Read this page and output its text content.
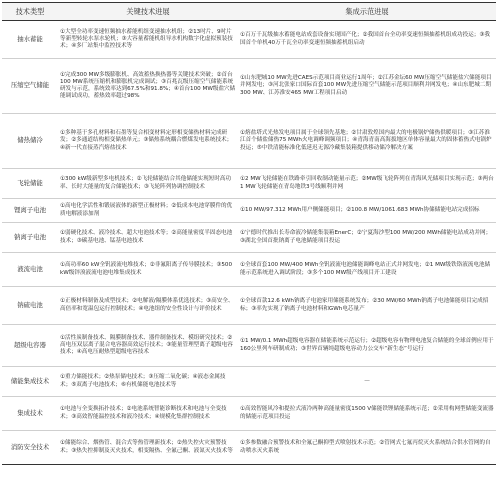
技术类型	关键技术进展	集成示范进展
抽水蓄能	①大型全功率变速恒频抽水蓄能机组变速抽水机组；②13吋片、9吋片等新型转轮水泵水轮机；③大容量蓄能机组导水机构数字化虚拟预装技术；④多厂站集中监控技术等	①百万千瓦级抽水蓄能电站成套设备实现国产化；②我国首台全功率变速恒频抽蓄机组成功投运；③我国首个单机40万千瓦全功率变速恒频抽蓄机组启动
压缩空气储能	①完成300 MW多级膨胀机、高效蓄热换热器等关键技术突破；②首台100 MW系统压缩机和膨胀机完成调试；③百兆瓦级压缩空气储能系统研发与示范，系统效率达到67.5%和91.8%；④首台100 MW级盐穴储能调试成功，蓄热效率超过98%	①山东肥城10 MW先进CAES示范项目商业运行1周年；②江苏金坛60 MW压缩空气储能盐穴储能项目并网发电；③河北张家口国际首套100 MW先进压缩空气储能示范项目顺利并网发电；④山东肥城二期300 MW、江苏淮安465 MW工程项目启动
储热储冷	①多种基于多孔材料和石墨等复合相变材料定形相变储热材料完成研发；②多通道结构相变储热单元；③储热系统耦合燃煤发电系统技术；④新一代直接蒸汽熔盐技术	①熔盐塔式光热发电项目属于全球领先基地；②甘肃敦煌国内最大的电极锅炉储热供暖项目；③江苏淮江首个储盐储热75 MWh火电调峰调频项目；④青海青南高海拔地区单体容量最大的固体蓄热式电锅炉投运；⑤中铁清能标准化低延迟无源冷藏集装箱提供移动储冷解决方案
飞轮储能	①300 kW级新型多电机技术；②飞轮储能结合其他储能实现短时高功率、长时大能量的复合储能技术；③飞轮阵列协调控制技术	①2 MW飞轮储能在铁路牵引回收制动能量示范；②MW级飞轮阵列在青海风光储项目实现示范；③两台1 MW飞轮储能在青岛地铁3号线顺利并网
锂离子电池	①高电化学活性和锻展液体的新型正极材料；②低成本电池穿膜件的优质电解液添加剂	①10 MW/97.312 MWh用户侧储能项目；②100.8 MW/1061.683 MWh协储储能电站完成招标
钠离子电池	①弱硬化技术、液冷技术、超大电池技术等；②高能量密度半固态电池技术；③碳基电池、锰基电池技术	①宁德时代推出长寿命液冷储能集装箱EnerC；②宁夏海沙型100 MW/200 MWh储能电站成功并网；③湖北全国首批钠离子电池储能项目投运
液流电池	①高功率60 kW全钒液流电堆技术；②非氟阳离子传导膜技术；③500 kW级锌溴液流电池电堆集成技术	①全球首套100 MW/400 MWh全钒液流电池储能调峰电站正式并网发电；②1 MW级铁铬液流电池储能示范系统进入调试阶段；③多个100 MW级产线项目开工建设
钠硫电池	①正极材料制备及成型技术；②电解液/隔膜体系优选技术；③高安全、高倍率和宽温包运行控制技术；④电池组的安全性设计与评价技术	①全球首款12.6 kWh钠离子电池家用储能系统发布；②30 MW/60 MWh钠离子电池储能项目完成招标；③率先实现了钠离子电池材料和GWh电芯量产
超级电容器	①活性炭制备技术、隔膜制备技术、器件制备技术、模组研究技术；②高电压双层离子混合电容器高效运行技术；③能量管理型离子超级电容技术；④高电压耐热型超级电容技术	①1 MW/0.1 MWh超级电容器在储能系统示范运行；②超级电容有物理电池复合储能的全球首例应用于160公里列车研制成功；③世界首辆纯超级电容动力公交车“新生态”号运行
储能集成技术	①重力储能技术；②热泵储电技术；③压缩二氧化碳；④液态金属技术；⑤双离子电池技术；⑥有机储能电池技术等	—
集成技术	①电池与全变换拓扑技术；②电池系统智能诊断技术和电池与全变技术；③高效智能温控技术和液冷技术；④规模化集群控制技术	①高效智能风冷和提拉式液冷两种高能量密度1500 V储能铁锂储能系统示范；②采用构网型储能变流器的储能示范项目投运
消防安全技术	①储能综合、烟热管、混合式等热管理新技术；②热失控火灾预警技术；③热失控抑制及灭火技术，相变隔热、全氟己酮、液氮灭火技术等	①多参数融合预警技术和全氟己酮抑型式喷射技术示范；②管网式七氟丙烷灭火系统结合供水管网的自动喷水灭火系统
